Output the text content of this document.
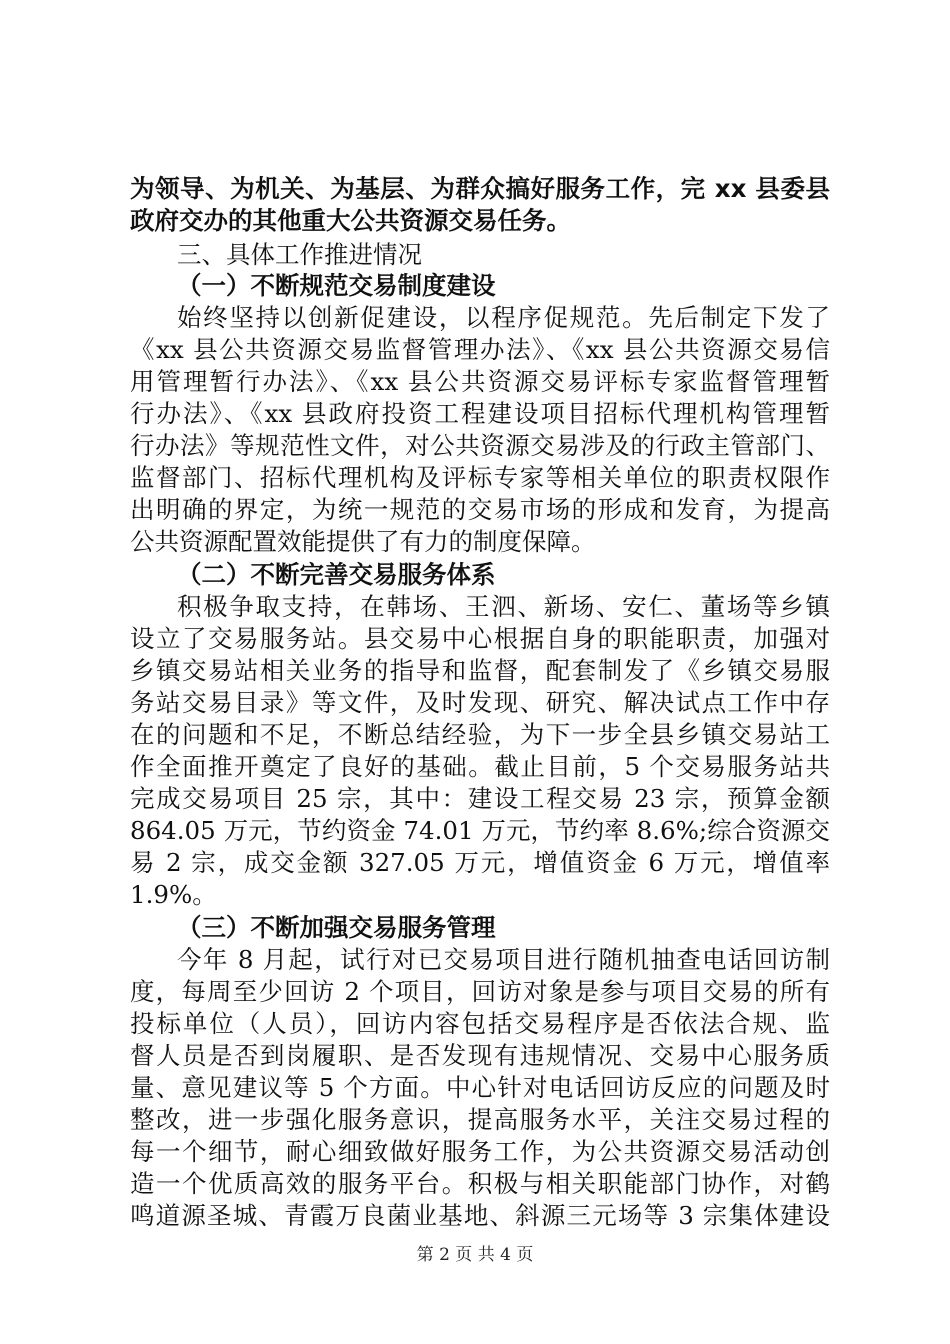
为领导、为机关、为基层、为群众搞好服务工作，完 xx 县委县
政府交办的其他重大公共资源交易任务。
三、具体工作推进情况
（一）不断规范交易制度建设
始终坚持以创新促建设，以程序促规范。先后制定下发了
《xx 县公共资源交易监督管理办法》、《xx 县公共资源交易信
用管理暂行办法》、《xx 县公共资源交易评标专家监督管理暂
行办法》、《xx 县政府投资工程建设项目招标代理机构管理暂
行办法》等规范性文件，对公共资源交易涉及的行政主管部门、
监督部门、招标代理机构及评标专家等相关单位的职责权限作
出明确的界定，为统一规范的交易市场的形成和发育，为提高
公共资源配置效能提供了有力的制度保障。
（二）不断完善交易服务体系
积极争取支持，在韩场、王泗、新场、安仁、董场等乡镇
设立了交易服务站。县交易中心根据自身的职能职责，加强对
乡镇交易站相关业务的指导和监督，配套制发了《乡镇交易服
务站交易目录》等文件，及时发现、研究、解决试点工作中存
在的问题和不足，不断总结经验，为下一步全县乡镇交易站工
作全面推开奠定了良好的基础。截止目前，5 个交易服务站共
完成交易项目 25 宗，其中：建设工程交易 23 宗，预算金额
864.05 万元，节约资金 74.01 万元，节约率 8.6%;综合资源交
易 2 宗，成交金额 327.05 万元，增值资金 6 万元，增值率
1.9%。
（三）不断加强交易服务管理
今年 8 月起，试行对已交易项目进行随机抽查电话回访制
度，每周至少回访 2 个项目，回访对象是参与项目交易的所有
投标单位（人员），回访内容包括交易程序是否依法合规、监
督人员是否到岗履职、是否发现有违规情况、交易中心服务质
量、意见建议等 5 个方面。中心针对电话回访反应的问题及时
整改，进一步强化服务意识，提高服务水平，关注交易过程的
每一个细节，耐心细致做好服务工作，为公共资源交易活动创
造一个优质高效的服务平台。积极与相关职能部门协作，对鹤
鸣道源圣城、青霞万良菌业基地、斜源三元场等 3 宗集体建设
第 2 页 共 4 页
